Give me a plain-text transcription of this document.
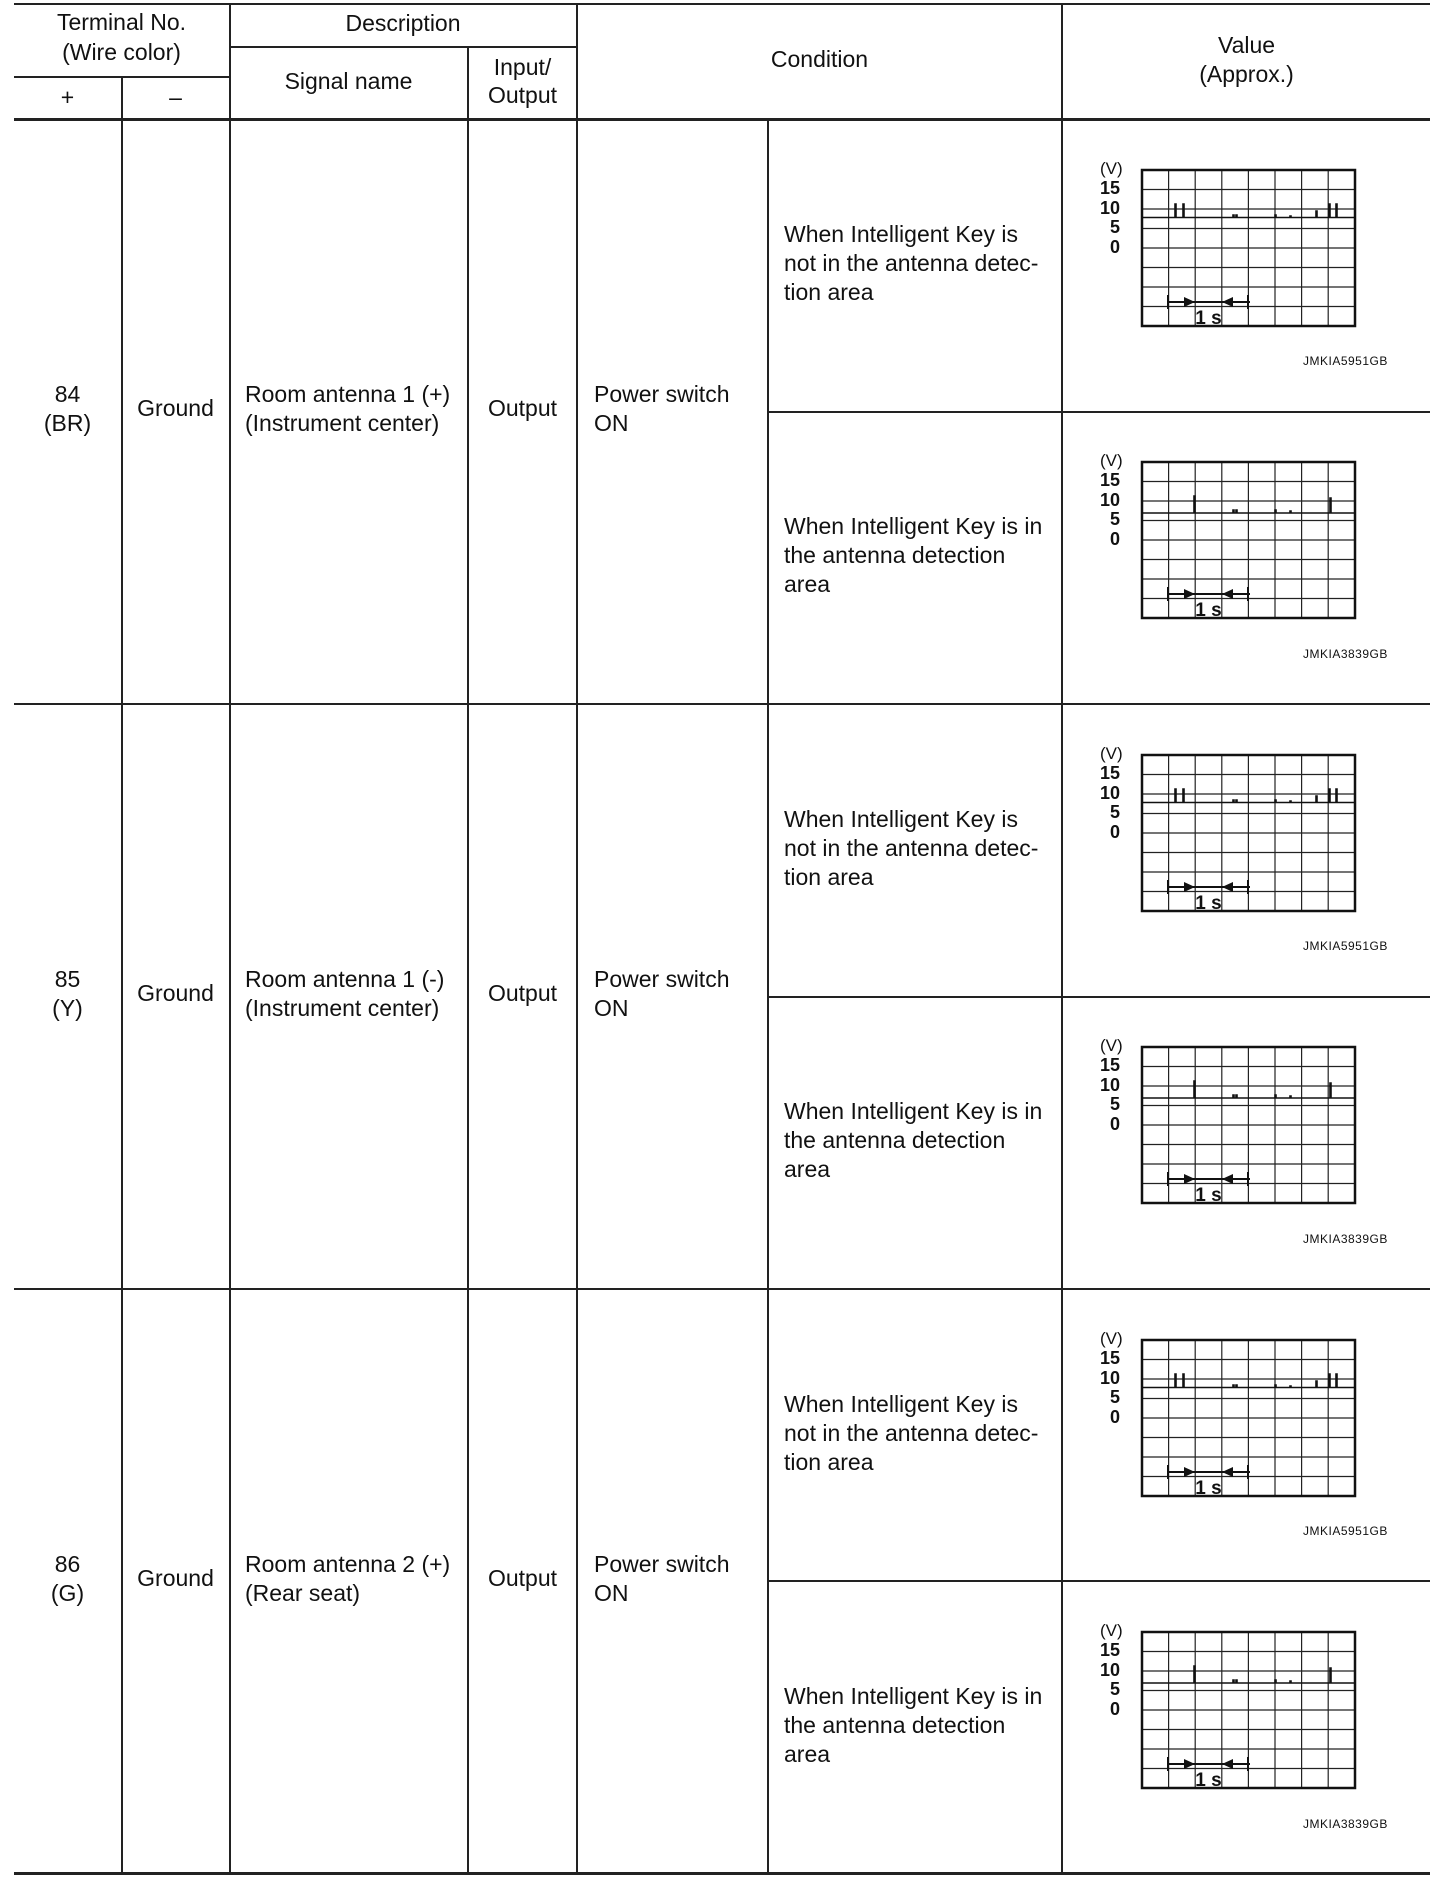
Terminal No.
(Wire color)
+	–
Description
Signal name
Input/
Output
Condition
Value
(Approx.)
84
(BR)
Ground
Room antenna 1 (+)
(Instrument center)
Output
Power switch
ON
When Intelligent Key is
not in the antenna detec-
tion area
When Intelligent Key is in
the antenna detection
area
JMKIA5951GB
JMKIA3839GB
85
(Y)
Ground
Room antenna 1 (-)
(Instrument center)
Output
Power switch
ON
When Intelligent Key is
not in the antenna detec-
tion area
When Intelligent Key is in
the antenna detection
area
JMKIA5951GB
JMKIA3839GB
86
(G)
Ground
Room antenna 2 (+)
(Rear seat)
Output
Power switch
ON
When Intelligent Key is
not in the antenna detec-
tion area
When Intelligent Key is in
the antenna detection
area
JMKIA5951GB
JMKIA3839GB
